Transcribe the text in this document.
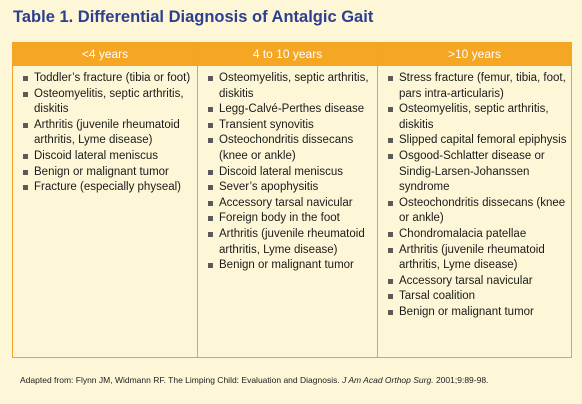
Table 1. Differential Diagnosis of Antalgic Gait
<4 years
Toddler’s fracture (tibia or foot)
Osteomyelitis, septic arthritis, diskitis
Arthritis (juvenile rheumatoid arthritis, Lyme disease)
Discoid lateral meniscus
Benign or malignant tumor
Fracture (especially physeal)
4 to 10 years
Osteomyelitis, septic arthritis, diskitis
Legg-Calvé-Perthes disease
Transient synovitis
Osteochondritis dissecans (knee or ankle)
Discoid lateral meniscus
Sever’s apophysitis
Accessory tarsal navicular
Foreign body in the foot
Arthritis (juvenile rheumatoid arthritis, Lyme disease)
Benign or malignant tumor
>10 years
Stress fracture (femur, tibia, foot, pars intra-articularis)
Osteomyelitis, septic arthritis, diskitis
Slipped capital femoral epiphysis
Osgood-Schlatter disease or Sindig-Larsen-Johanssen syndrome
Osteochondritis dissecans (knee or ankle)
Chondromalacia patellae
Arthritis (juvenile rheumatoid arthritis, Lyme disease)
Accessory tarsal navicular
Tarsal coalition
Benign or malignant tumor
Adapted from: Flynn JM, Widmann RF. The Limping Child: Evaluation and Diagnosis. J Am Acad Orthop Surg. 2001;9:89-98.
